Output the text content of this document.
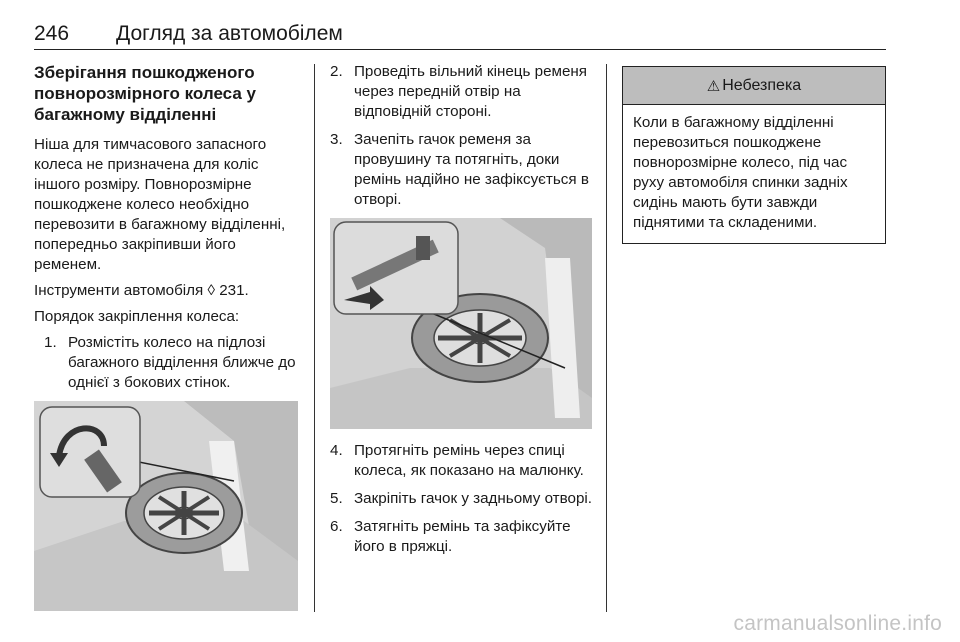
246 Догляд за автомобілем
Зберігання пошкодженого повнорозмірного колеса у багажному відділенні

Ніша для тимчасового запасного колеса не призначена для коліс іншого розміру. Повнорозмірне пошкоджене колесо необхідно перевозити в багажному відділенні, попередньо закріпивши його ременем.

Інструменти автомобіля ◊ 231.

Порядок закріплення колеса:

1. Розмістіть колесо на підлозі багажного відділення ближче до однієї з бокових стінок.
2. Проведіть вільний кінець ременя через передній отвір на відповідній стороні.
3. Зачепіть гачок ременя за провушину та потягніть, доки ремінь надійно не зафіксується в отворі.
4. Протягніть ремінь через спиці колеса, як показано на малюнку.
5. Закріпіть гачок у задньому отворі.
6. Затягніть ремінь та зафіксуйте його в пряжці.
⚠ Небезпека
Коли в багажному відділенні перевозиться пошкоджене повнорозмірне колесо, під час руху автомобіля спинки задніх сидінь мають бути завжди піднятими та складеними.
carmanualsonline.info
